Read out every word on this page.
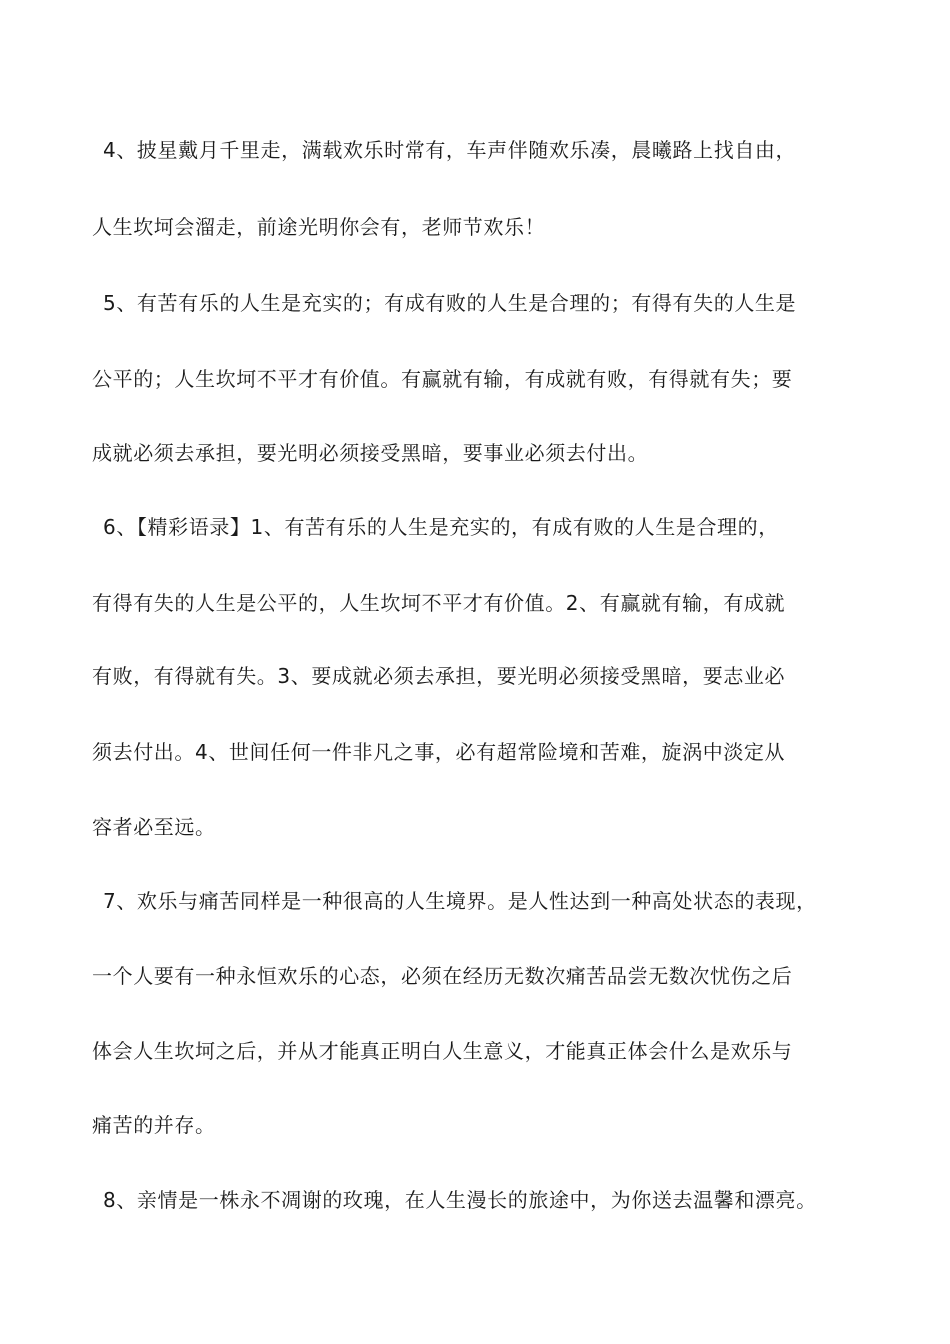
4、披星戴月千里走，满载欢乐时常有，车声伴随欢乐凑，晨曦路上找自由，
人生坎坷会溜走，前途光明你会有，老师节欢乐！
5、有苦有乐的人生是充实的；有成有败的人生是合理的；有得有失的人生是
公平的；人生坎坷不平才有价值。有赢就有输，有成就有败，有得就有失；要
成就必须去承担，要光明必须接受黑暗，要事业必须去付出。
6、【精彩语录】1、有苦有乐的人生是充实的，有成有败的人生是合理的，
有得有失的人生是公平的，人生坎坷不平才有价值。2、有赢就有输，有成就
有败，有得就有失。3、要成就必须去承担，要光明必须接受黑暗，要志业必
须去付出。4、世间任何一件非凡之事，必有超常险境和苦难，旋涡中淡定从
容者必至远。
7、欢乐与痛苦同样是一种很高的人生境界。是人性达到一种高处状态的表现，
一个人要有一种永恒欢乐的心态，必须在经历无数次痛苦品尝无数次忧伤之后
体会人生坎坷之后，并从才能真正明白人生意义，才能真正体会什么是欢乐与
痛苦的并存。
8、亲情是一株永不凋谢的玫瑰，在人生漫长的旅途中，为你送去温馨和漂亮。
